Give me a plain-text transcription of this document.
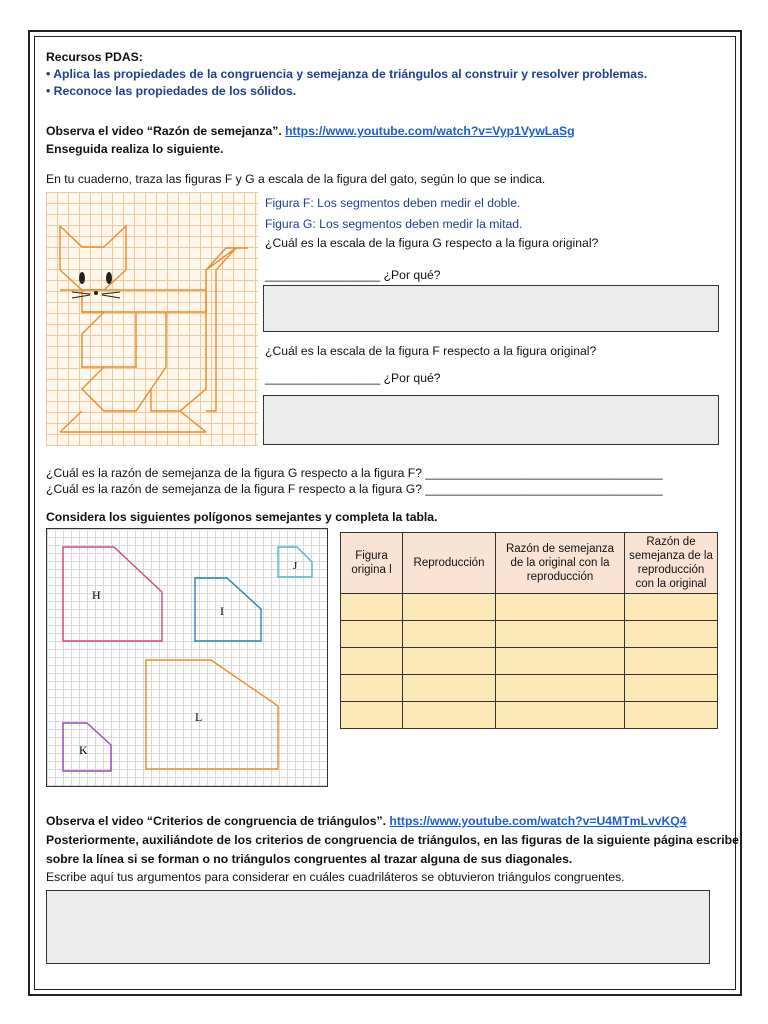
Recursos PDAS:
• Aplica las propiedades de la congruencia y semejanza de triángulos al construir y resolver problemas.
• Reconoce las propiedades de los sólidos.
Observa el video “Razón de semejanza”. https://www.youtube.com/watch?v=Vyp1VywLaSg
Enseguida realiza lo siguiente.
En tu cuaderno, traza las figuras F y G a escala de la figura del gato, según lo que se indica.
Figura F: Los segmentos deben medir el doble.
Figura G: Los segmentos deben medir la mitad.
¿Cuál es la escala de la figura G respecto a la figura original?
_________________ ¿Por qué?
¿Cuál es la escala de la figura F respecto a la figura original?
_________________ ¿Por qué?
¿Cuál es la razón de semejanza de la figura G respecto a la figura F? ___________________________________
¿Cuál es la razón de semejanza de la figura F respecto a la figura G? ___________________________________
Considera los siguientes polígonos semejantes y completa la tabla.
H
I
J
L
K
Figura origina l	Reproducción	Razón de semejanza de la original con la reproducción	Razón de semejanza de la reproducción con la original

Observa el video “Criterios de congruencia de triángulos”. https://www.youtube.com/watch?v=U4MTmLvvKQ4
Posteriormente, auxiliándote de los criterios de congruencia de triángulos, en las figuras de la siguiente página escribe
sobre la línea si se forman o no triángulos congruentes al trazar alguna de sus diagonales.
Escribe aquí tus argumentos para considerar en cuáles cuadriláteros se obtuvieron triángulos congruentes.
